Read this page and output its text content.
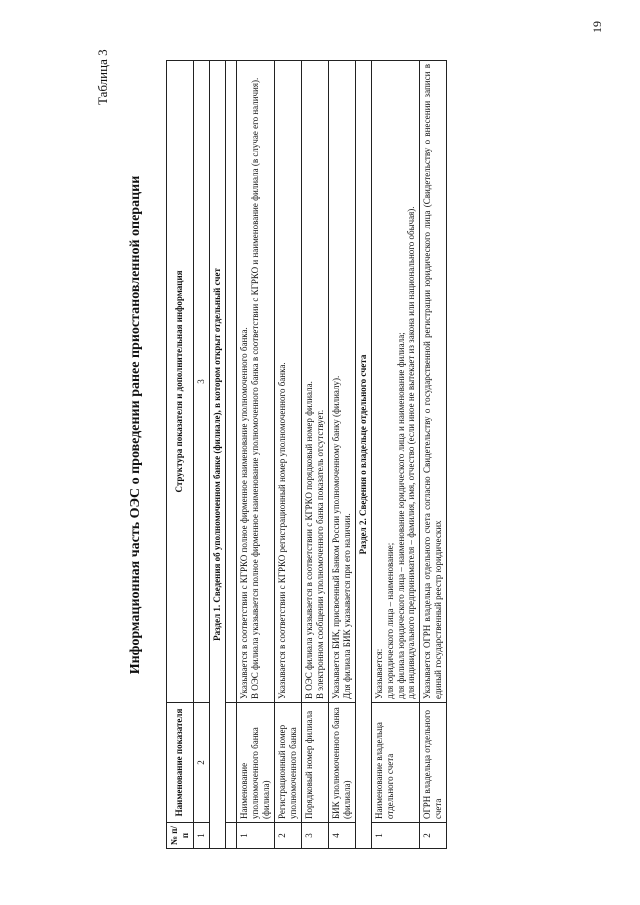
Таблица 3
Информационная часть ОЭС о проведении ранее приостановленной операции
№ п/п	Наименование показателя	Структура показателя и дополнительная информация
1	2	3
Раздел 1. Сведения об уполномоченном банке (филиале), в котором открыт отдельный счет		

1	Наименование уполномоченного банка (филиала)	Указывается в соответствии с КГРКО полное фирменное наименование уполномоченного банка. В ОЭС филиала указывается полное фирменное наименование уполномоченного банка в соответствии с КГРКО и наименование филиала (в случае его наличия).

2	Регистрационный номер уполномоченного банка	Указывается в соответствии с КГРКО регистрационный номер уполномоченного банка.

3	Порядковый номер филиала	В ОЭС филиала указывается в соответствии с КГРКО порядковый номер филиала. В электронном сообщении уполномоченного банка показатель отсутствует.

4	БИК уполномоченного банка (филиала)	Указывается БИК, присвоенный Банком России уполномоченному банку (филиалу). Для филиала БИК указывается при его наличии.

Раздел 2. Сведения о владельце отдельного счета		
1	Наименование владельца отдельного счета	Указывается: для юридического лица – наименование; для филиала юридического лица – наименование юридического лица и наименование филиала; для индивидуального предпринимателя – фамилия, имя, отчество (если иное не вытекает из закона или национального обычая).

2	ОГРН владельца отдельного счета	Указывается ОГРН владельца отдельного счета согласно Свидетельству о государственной регистрации юридического лица (Свидетельству о внесении записи в единый государственный реестр юридических
19
